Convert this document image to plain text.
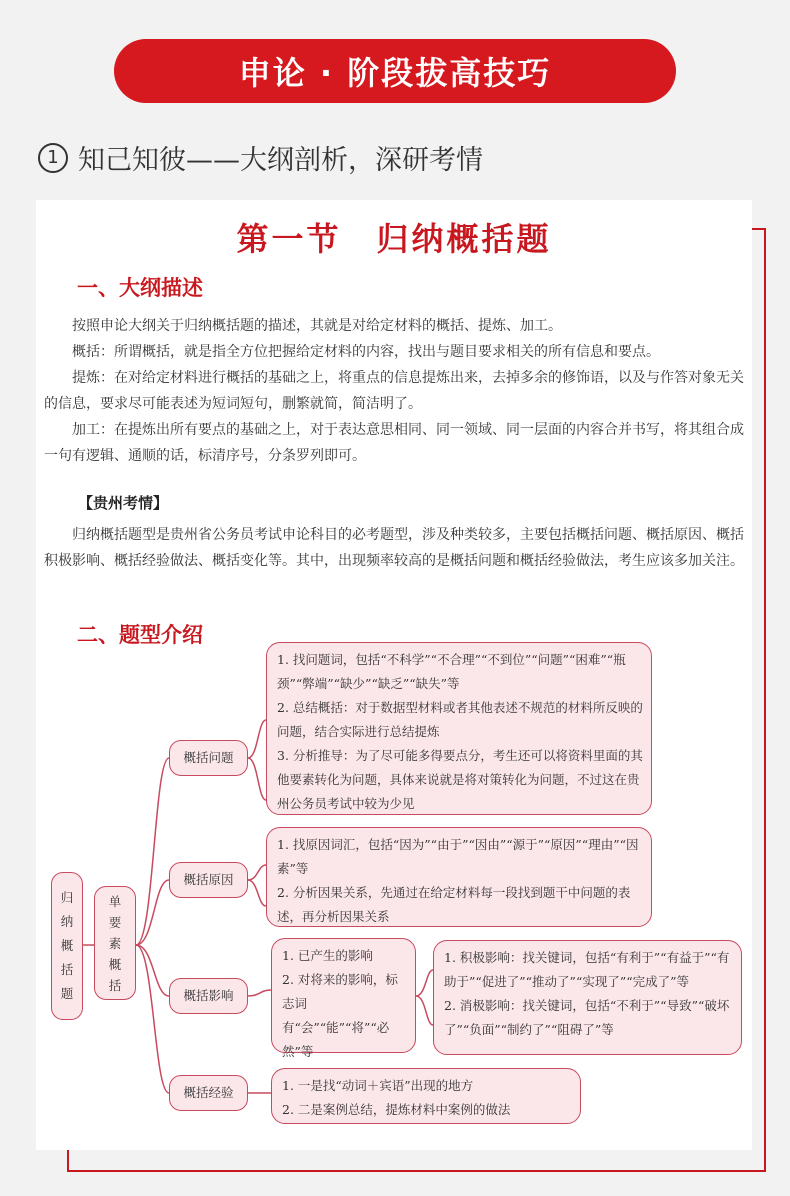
申论 · 阶段拔高技巧
1 知己知彼——大纲剖析，深研考情
第一节　归纳概括题
一、大纲描述
按照申论大纲关于归纳概括题的描述，其就是对给定材料的概括、提炼、加工。
概括：所谓概括，就是指全方位把握给定材料的内容，找出与题目要求相关的所有信息和要点。
提炼：在对给定材料进行概括的基础之上，将重点的信息提炼出来，去掉多余的修饰语，以及与作答对象无关的信息，要求尽可能表述为短词短句，删繁就简，简洁明了。
加工：在提炼出所有要点的基础之上，对于表达意思相同、同一领域、同一层面的内容合并书写，将其组合成一句有逻辑、通顺的话，标清序号，分条罗列即可。
【贵州考情】
归纳概括题型是贵州省公务员考试申论科目的必考题型，涉及种类较多，主要包括概括问题、概括原因、概括积极影响、概括经验做法、概括变化等。其中，出现频率较高的是概括问题和概括经验做法，考生应该多加关注。
二、题型介绍
归
纳
概
括
题
单
要
素
概
括
概括问题
概括原因
概括影响
概括经验
1. 找问题词，包括“不科学”“不合理”“不到位”“问题”“困难”“瓶颈”“弊端”“缺少”“缺乏”“缺失”等
2. 总结概括：对于数据型材料或者其他表述不规范的材料所反映的问题，结合实际进行总结提炼
3. 分析推导：为了尽可能多得要点分，考生还可以将资料里面的其他要素转化为问题，具体来说就是将对策转化为问题，不过这在贵州公务员考试中较为少见
1. 找原因词汇，包括“因为”“由于”“因由”“源于”“原因”“理由”“因素”等
2. 分析因果关系，先通过在给定材料每一段找到题干中问题的表述，再分析因果关系
1. 已产生的影响
2. 对将来的影响，标志词有“会”“能”“将”“必然”等
1. 积极影响：找关键词，包括“有利于”“有益于”“有助于”“促进了”“推动了”“实现了”“完成了”等
2. 消极影响：找关键词，包括“不利于”“导致”“破坏了”“负面”“制约了”“阻碍了”等
1. 一是找“动词＋宾语”出现的地方
2. 二是案例总结，提炼材料中案例的做法
